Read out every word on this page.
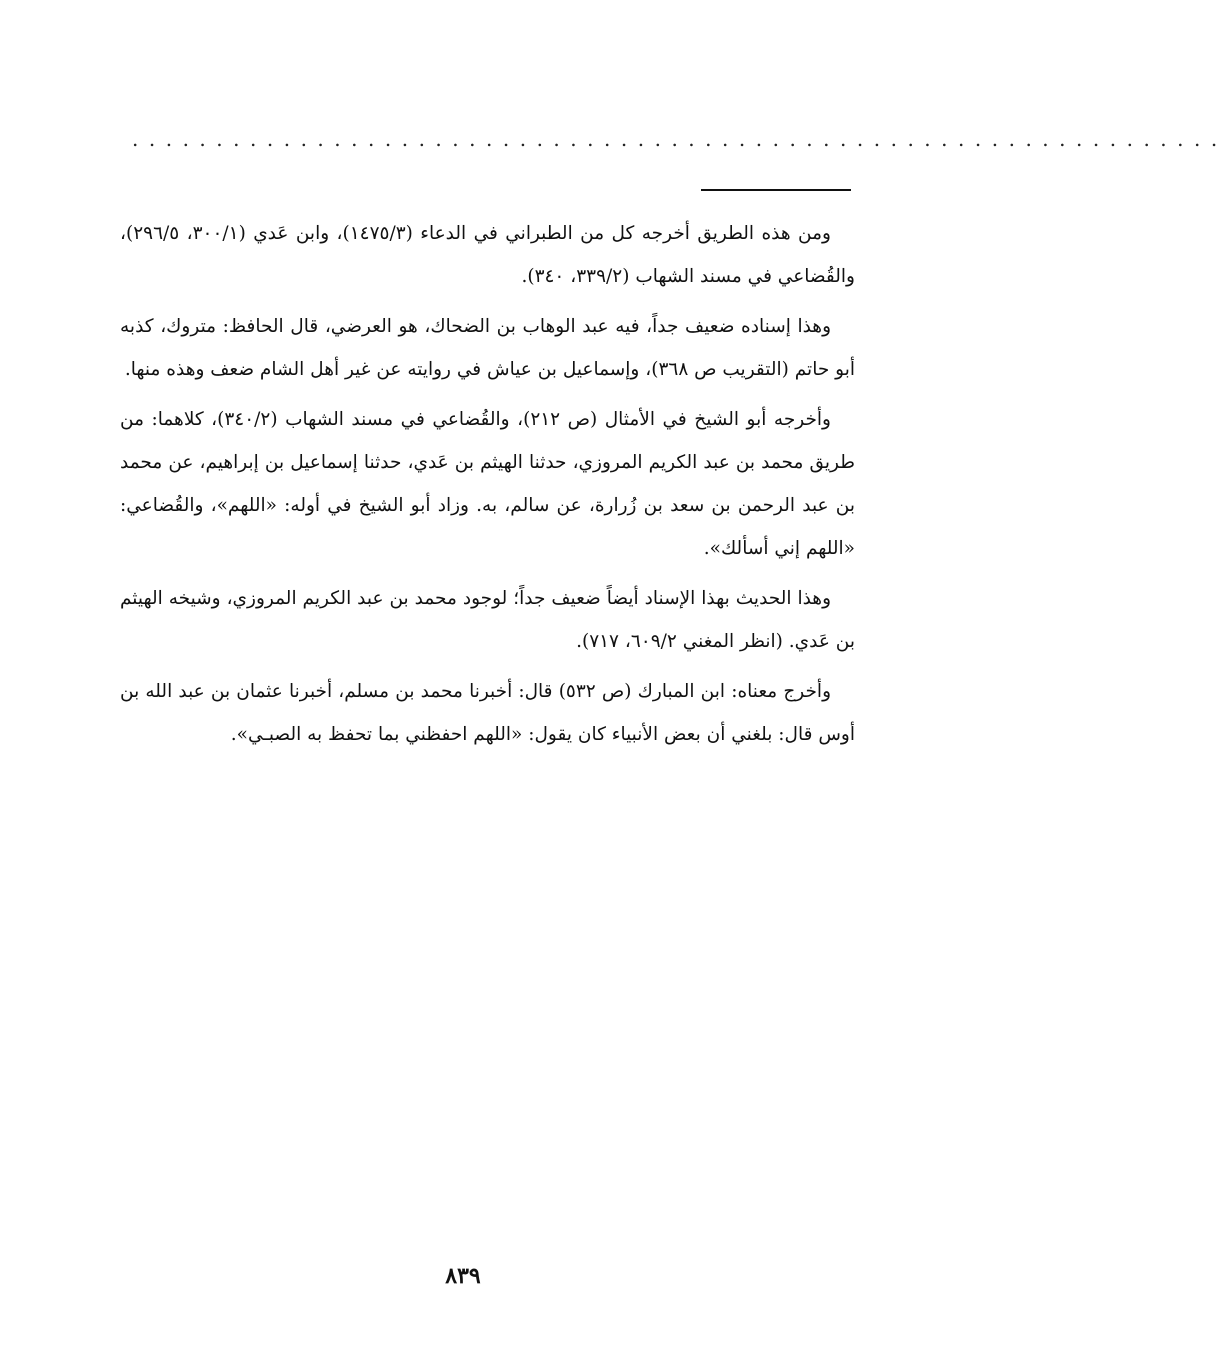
.................................................................

ومن هذه الطريق أخرجه كل من الطبراني في الدعاء (١٤٧٥/٣)، وابن عَدي (٣٠٠/١، ٢٩٦/٥)، والقُضاعي في مسند الشهاب (٣٣٩/٢، ٣٤٠).

وهذا إسناده ضعيف جداً، فيه عبد الوهاب بن الضحاك، هو العرضي، قال الحافظ: متروك، كذبه أبو حاتم (التقريب ص ٣٦٨)، وإسماعيل بن عياش في روايته عن غير أهل الشام ضعف وهذه منها.

وأخرجه أبو الشيخ في الأمثال (ص ٢١٢)، والقُضاعي في مسند الشهاب (٣٤٠/٢)، كلاهما: من طريق محمد بن عبد الكريم المروزي، حدثنا الهيثم بن عَدي، حدثنا إسماعيل بن إبراهيم، عن محمد بن عبد الرحمن بن سعد بن زُرارة، عن سالم، به. وزاد أبو الشيخ في أوله: «اللهم»، والقُضاعي: «اللهم إني أسألك».

وهذا الحديث بهذا الإسناد أيضاً ضعيف جداً؛ لوجود محمد بن عبد الكريم المروزي، وشيخه الهيثم بن عَدي. (انظر المغني ٦٠٩/٢، ٧١٧).

وأخرج معناه: ابن المبارك (ص ٥٣٢) قال: أخبرنا محمد بن مسلم، أخبرنا عثمان بن عبد الله بن أوس قال: بلغني أن بعض الأنبياء كان يقول: «اللهم احفظني بما تحفظ به الصبـي».

٨٣٩
